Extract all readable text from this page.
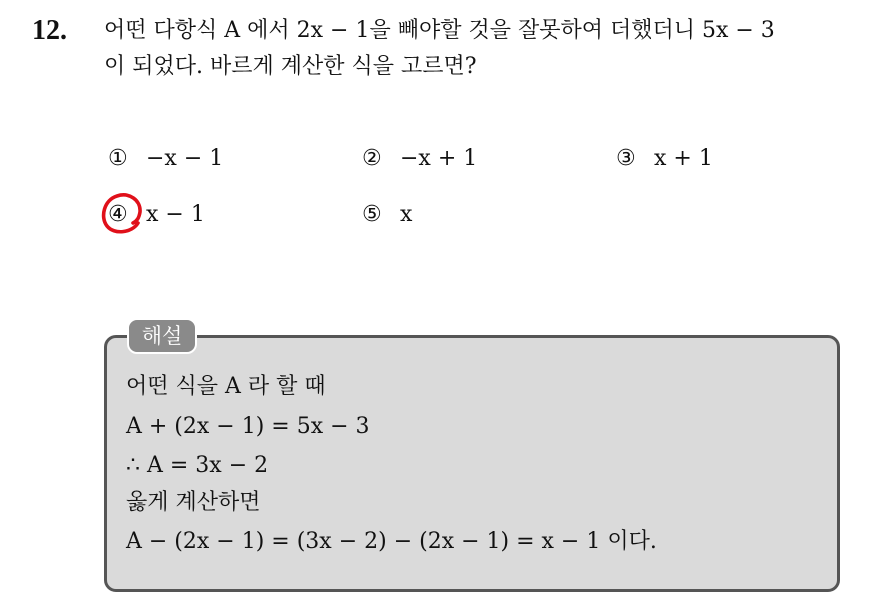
12. 어떤 다항식 A 에서 2x − 1을 빼야할 것을 잘못하여 더했더니 5x − 3
이 되었다. 바르게 계산한 식을 고르면?
① −x − 1	② −x + 1	③ x + 1
④ x − 1	⑤ x
해설
어떤 식을 A 라 할 때
A + (2x − 1) = 5x − 3
∴ A = 3x − 2
옳게 계산하면
A − (2x − 1) = (3x − 2) − (2x − 1) = x − 1 이다.
